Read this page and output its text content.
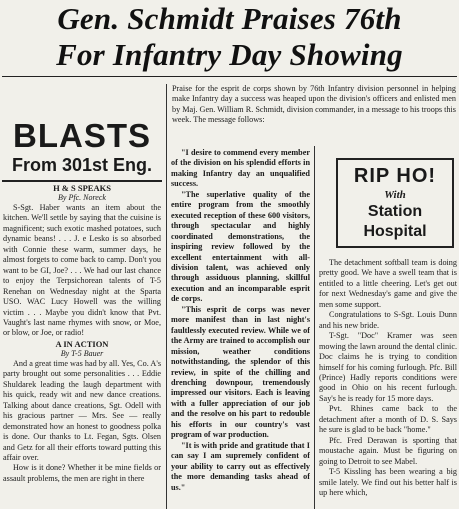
Gen. Schmidt Praises 76th
For Infantry Day Showing
BLASTS
From 301st Eng.
H & S SPEAKS
By Pfc. Noreck

S-Sgt. Haber wants an item about the kitchen. We'll settle by saying that the cuisine is magnificent; such exotic mashed potatoes, such dynamic beans! . . . J. e Lesko is so absorbed with Connie these warm, summer days, he almost forgets to come back to camp. Don't you want to be GI, Joe? . . . We had our last chance to enjoy the Terpsichorean talents of T-5 Renehan on Wednesday night at the Sparta USO. WAC Lucy Howell was the willing victim . . . Maybe you didn't know that Pvt. Vaught's last name rhymes with snow, or Moe, or blow, or Joe, or radio!

A IN ACTION
By T-5 Bauer

And a great time was had by all. Yes, Co. A's party brought out some personalities . . . Eddie Shuldarek leading the laugh department with his quick, ready wit and new dance creations. Talking about dance creations, Sgt. Odell with his gracious partner — Mrs. See — really demonstrated how an honest to goodness polka is done. Our thanks to Lt. Fegan, Sgts. Olsen and Getz for all their efforts toward putting this affair over.

How is it done? Whether it be mine fields or assault problems, the men are right in there

Praise for the esprit de corps shown by 76th Infantry division personnel in helping make Infantry day a success was heaped upon the division's officers and enlisted men by Maj. Gen. William R. Schmidt, division commander, in a message to his troops this week. The message follows:

"I desire to commend every member of the division on his splendid efforts in making Infantry day an unqualified success.

"The superlative quality of the entire program from the smoothly executed reception of these 600 visitors, through spectacular and highly coordinated demonstrations, the inspiring review followed by the excellent entertainment with all-division talent, was achieved only through assiduous planning, skillful execution and an incomparable esprit de corps.

"This esprit de corps was never more manifest than in last night's faultlessly executed review. While we of the Army are trained to accomplish our mission, weather conditions notwithstanding, the splendor of this review, in spite of the chilling and drenching downpour, tremendously impressed our visitors. Each is leaving with a fuller appreciation of our job and the resolve on his part to redouble his efforts in our country's vast program of war production.

"It is with pride and gratitude that I can say I am supremely confident of your ability to carry out as effectively the more demanding tasks ahead of us."

RIP HO!
With
Station Hospital

The detachment softball team is doing pretty good. We have a swell team that is entitled to a little cheering. Let's get out for next Wednesday's game and give the men some support.

Congratulations to S-Sgt. Louis Dunn and his new bride.

T-Sgt. "Doc" Kramer was seen mowing the lawn around the dental clinic. Doc claims he is trying to condition himself for his coming furlough. Pfc. Bill (Prince) Hadly reports conditions were good in Ohio on his recent furlough. Say's he is ready for 15 more days.

Pvt. Rhines came back to the detachment after a month of D. S. Says he sure is glad to be back "home."

Pfc. Fred Derawan is sporting that moustache again. Must be figuring on going to Detroit to see Mabel.

T-5 Kissling has been wearing a big smile lately. We find out his better half is up here which,
